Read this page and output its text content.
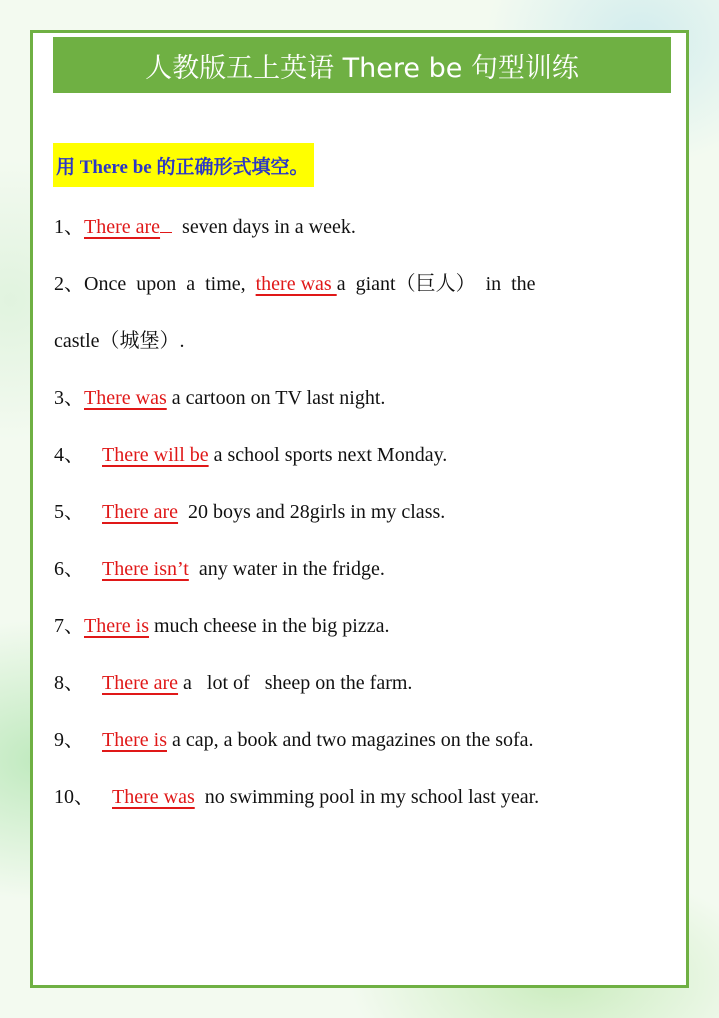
人教版五上英语 There be 句型训练
用 There be 的正确形式填空。
1、There are  seven days in a week.
2、Once  upon  a  time,  there was a  giant（巨人）  in  the
castle（城堡）.
3、There was a cartoon on TV last night.
4、 There will be a school sports next Monday.
5、 There are  20 boys and 28girls in my class.
6、 There isn’t  any water in the fridge.
7、There is much cheese in the big pizza.
8、 There are a   lot of   sheep on the farm.
9、 There is a cap, a book and two magazines on the sofa.
10、 There was  no swimming pool in my school last year.
